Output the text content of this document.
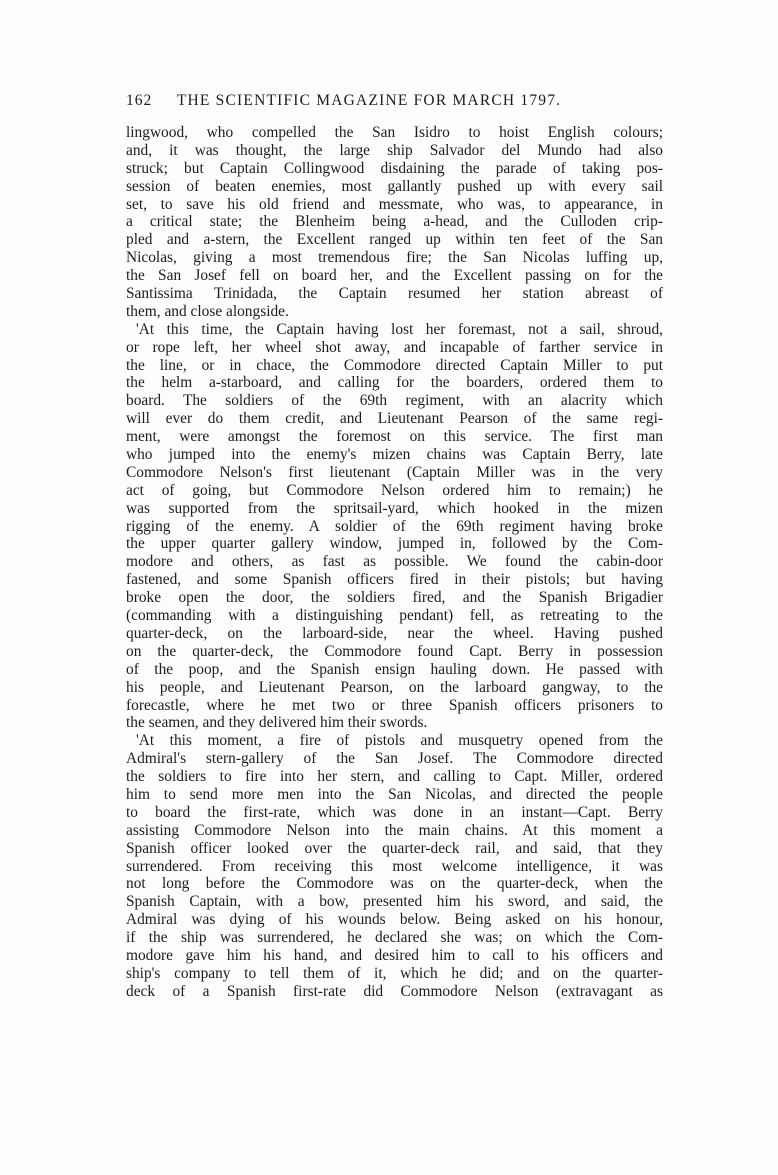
162 THE SCIENTIFIC MAGAZINE FOR MARCH 1797.
lingwood, who compelled the San Isidro to hoist English colours;
and, it was thought, the large ship Salvador del Mundo had also
struck; but Captain Collingwood disdaining the parade of taking pos-
session of beaten enemies, most gallantly pushed up with every sail
set, to save his old friend and messmate, who was, to appearance, in
a critical state; the Blenheim being a-head, and the Culloden crip-
pled and a-stern, the Excellent ranged up within ten feet of the San
Nicolas, giving a most tremendous fire; the San Nicolas luffing up,
the San Josef fell on board her, and the Excellent passing on for the
Santissima Trinidada, the Captain resumed her station abreast of
them, and close alongside.
'At this time, the Captain having lost her foremast, not a sail, shroud,
or rope left, her wheel shot away, and incapable of farther service in
the line, or in chace, the Commodore directed Captain Miller to put
the helm a-starboard, and calling for the boarders, ordered them to
board. The soldiers of the 69th regiment, with an alacrity which
will ever do them credit, and Lieutenant Pearson of the same regi-
ment, were amongst the foremost on this service. The first man
who jumped into the enemy's mizen chains was Captain Berry, late
Commodore Nelson's first lieutenant (Captain Miller was in the very
act of going, but Commodore Nelson ordered him to remain;) he
was supported from the spritsail-yard, which hooked in the mizen
rigging of the enemy. A soldier of the 69th regiment having broke
the upper quarter gallery window, jumped in, followed by the Com-
modore and others, as fast as possible. We found the cabin-door
fastened, and some Spanish officers fired in their pistols; but having
broke open the door, the soldiers fired, and the Spanish Brigadier
(commanding with a distinguishing pendant) fell, as retreating to the
quarter-deck, on the larboard-side, near the wheel. Having pushed
on the quarter-deck, the Commodore found Capt. Berry in possession
of the poop, and the Spanish ensign hauling down. He passed with
his people, and Lieutenant Pearson, on the larboard gangway, to the
forecastle, where he met two or three Spanish officers prisoners to
the seamen, and they delivered him their swords.
'At this moment, a fire of pistols and musquetry opened from the
Admiral's stern-gallery of the San Josef. The Commodore directed
the soldiers to fire into her stern, and calling to Capt. Miller, ordered
him to send more men into the San Nicolas, and directed the people
to board the first-rate, which was done in an instant—Capt. Berry
assisting Commodore Nelson into the main chains. At this moment a
Spanish officer looked over the quarter-deck rail, and said, that they
surrendered. From receiving this most welcome intelligence, it was
not long before the Commodore was on the quarter-deck, when the
Spanish Captain, with a bow, presented him his sword, and said, the
Admiral was dying of his wounds below. Being asked on his honour,
if the ship was surrendered, he declared she was; on which the Com-
modore gave him his hand, and desired him to call to his officers and
ship's company to tell them of it, which he did; and on the quarter-
deck of a Spanish first-rate did Commodore Nelson (extravagant as
